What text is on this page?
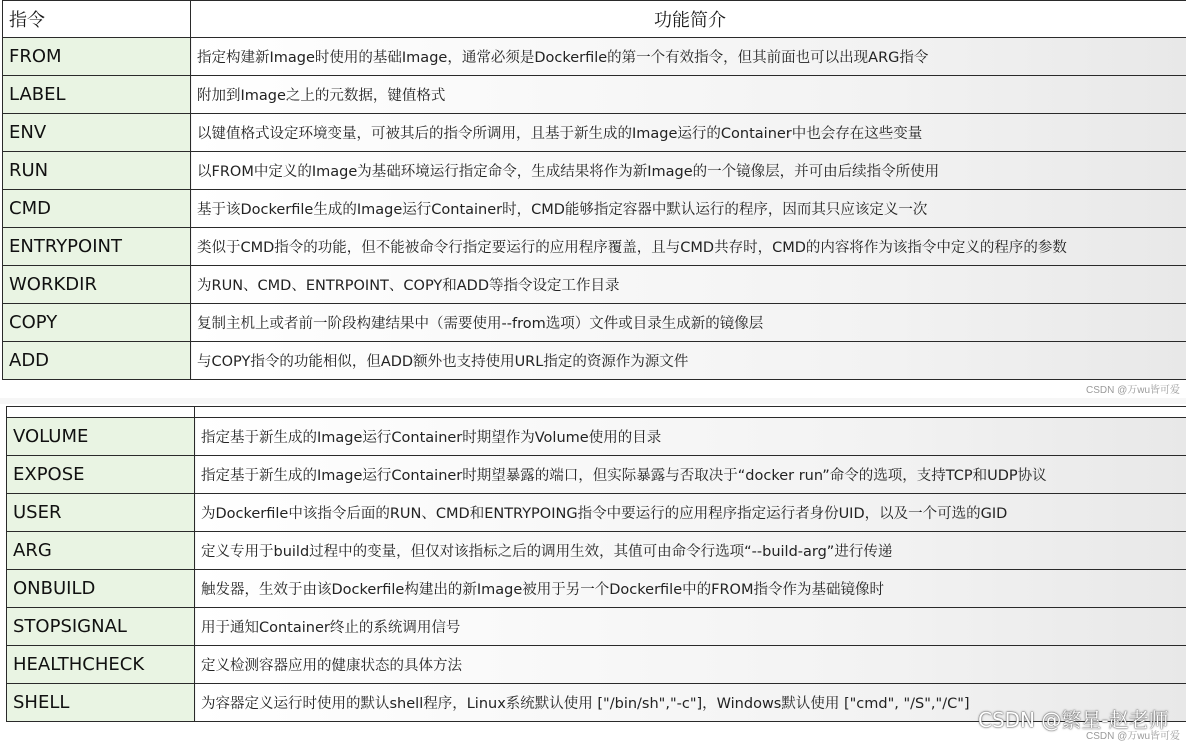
指令	功能简介
FROM	指定构建新Image时使用的基础Image，通常必须是Dockerfile的第一个有效指令，但其前面也可以出现ARG指令
LABEL	附加到Image之上的元数据，键值格式
ENV	以键值格式设定环境变量，可被其后的指令所调用，且基于新生成的Image运行的Container中也会存在这些变量
RUN	以FROM中定义的Image为基础环境运行指定命令，生成结果将作为新Image的一个镜像层，并可由后续指令所使用
CMD	基于该Dockerfile生成的Image运行Container时，CMD能够指定容器中默认运行的程序，因而其只应该定义一次
ENTRYPOINT	类似于CMD指令的功能，但不能被命令行指定要运行的应用程序覆盖，且与CMD共存时，CMD的内容将作为该指令中定义的程序的参数
WORKDIR	为RUN、CMD、ENTRPOINT、COPY和ADD等指令设定工作目录
COPY	复制主机上或者前一阶段构建结果中（需要使用--from选项）文件或目录生成新的镜像层
ADD	与COPY指令的功能相似，但ADD额外也支持使用URL指定的资源作为源文件

VOLUME	指定基于新生成的Image运行Container时期望作为Volume使用的目录
EXPOSE	指定基于新生成的Image运行Container时期望暴露的端口，但实际暴露与否取决于“docker run”命令的选项，支持TCP和UDP协议
USER	为Dockerfile中该指令后面的RUN、CMD和ENTRYPOING指令中要运行的应用程序指定运行者身份UID，以及一个可选的GID
ARG	定义专用于build过程中的变量，但仅对该指标之后的调用生效，其值可由命令行选项“--build-arg”进行传递
ONBUILD	触发器，生效于由该Dockerfile构建出的新Image被用于另一个Dockerfile中的FROM指令作为基础镜像时
STOPSIGNAL	用于通知Container终止的系统调用信号
HEALTHCHECK	定义检测容器应用的健康状态的具体方法
SHELL	为容器定义运行时使用的默认shell程序，Linux系统默认使用 ["/bin/sh","-c"]，Windows默认使用 ["cmd", "/S","/C"]
CSDN @万wu皆可爱
CSDN @繁星-赵老师
CSDN @万wu皆可爱
